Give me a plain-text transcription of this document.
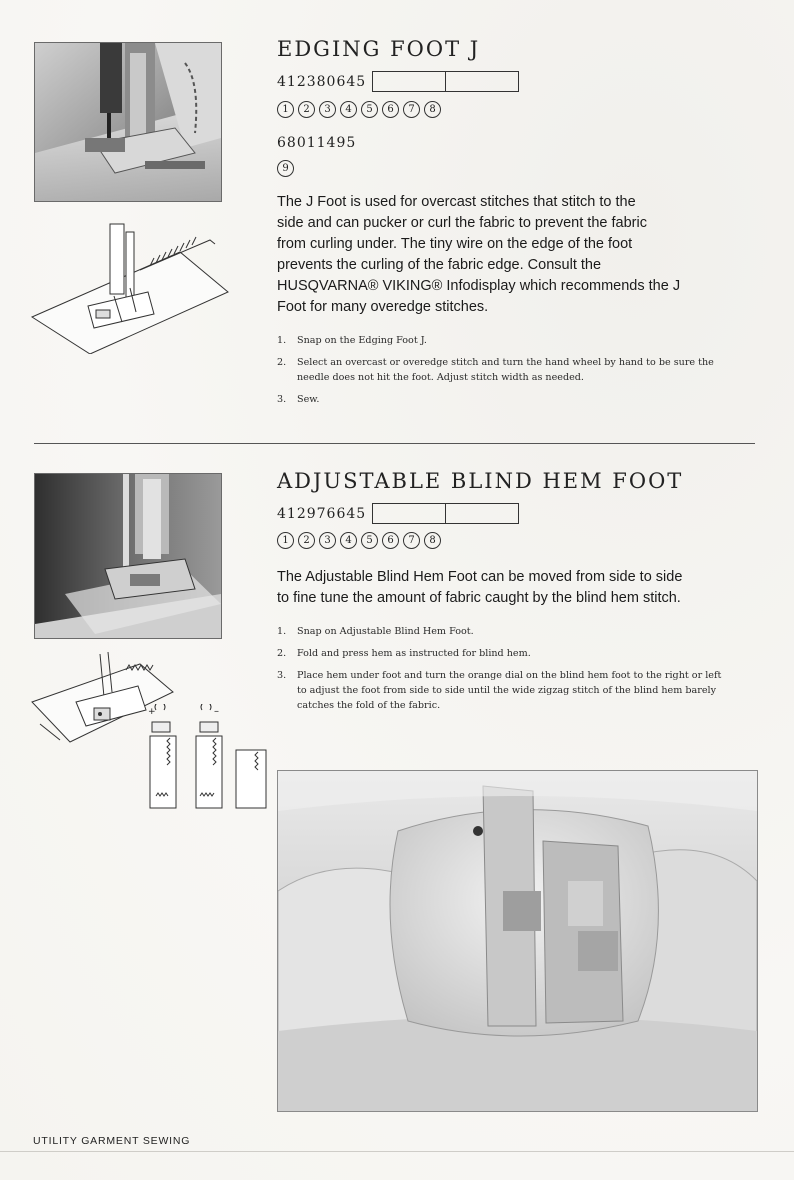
EDGING FOOT J
412380645
1	2	3	4	5	6	7	8
68011495
9
The J Foot is used for overcast stitches that stitch to the
side and can pucker or curl the fabric to prevent the fabric
from curling under. The tiny wire on the edge of the foot
prevents the curling of the fabric edge. Consult the
HUSQVARNA® VIKING® Infodisplay which recommends the J
Foot for many overedge stitches.
1.	Snap on the Edging Foot J.
2.	Select an overcast or overedge stitch and turn the hand wheel by hand to be sure the
needle does not hit the foot. Adjust stitch width as needed.
3.	Sew.
+	–
ADJUSTABLE BLIND HEM FOOT
412976645
1	2	3	4	5	6	7	8
The Adjustable Blind Hem Foot can be moved from side to side
to fine tune the amount of fabric caught by the blind hem stitch.
1.	Snap on Adjustable Blind Hem Foot.
2.	Fold and press hem as instructed for blind hem.
3.	Place hem under foot and turn the orange dial on the blind hem foot to the right or left
to adjust the foot from side to side until the wide zigzag stitch of the blind hem barely
catches the fold of the fabric.
UTILITY GARMENT SEWING
